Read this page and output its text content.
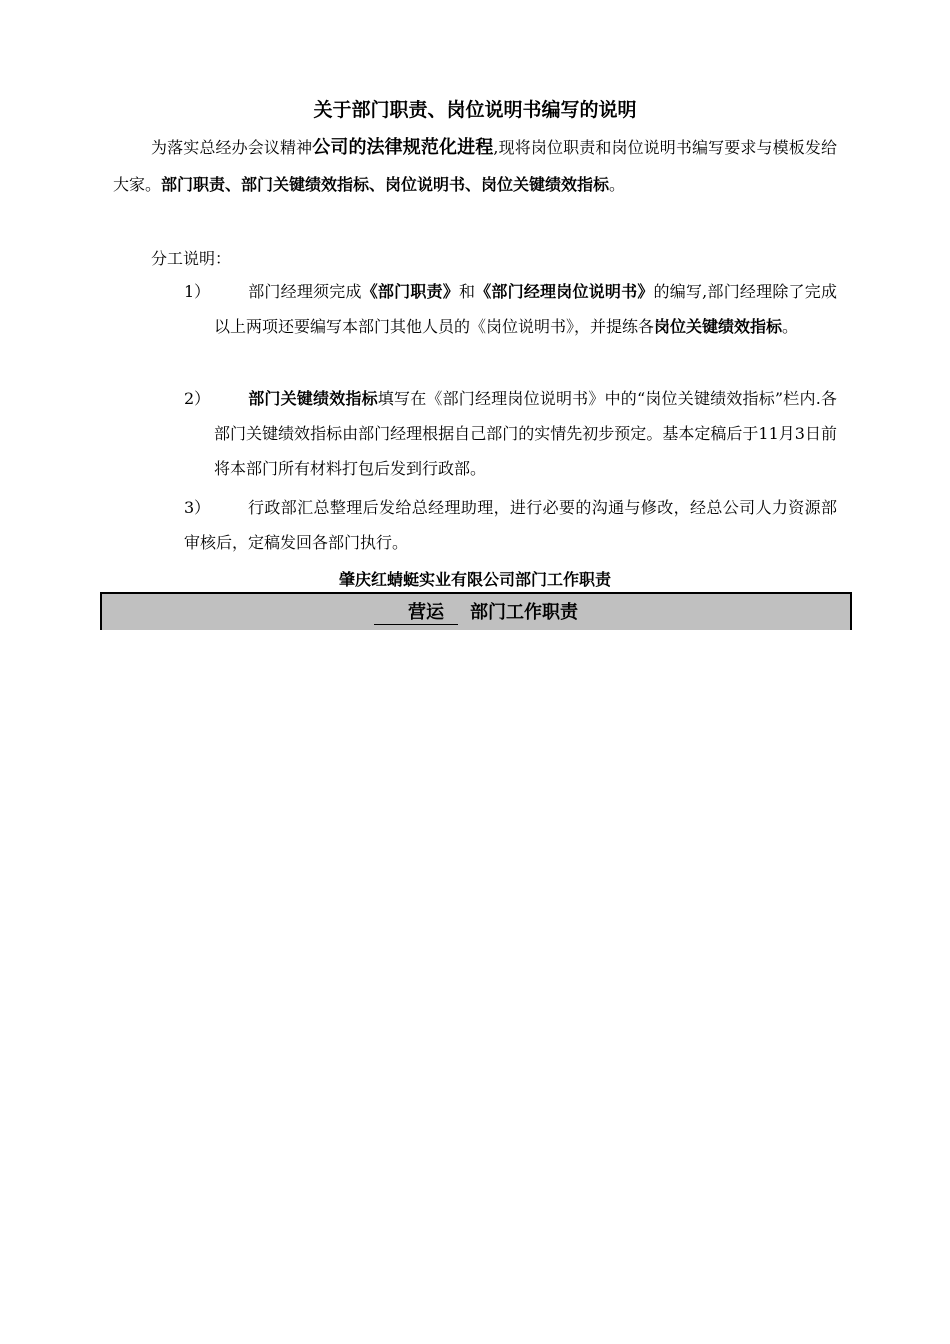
关于部门职责、岗位说明书编写的说明
为落实总经办会议精神公司的法律规范化进程,现将岗位职责和岗位说明书编写要求与模板发给大家。部门职责、部门关键绩效指标、岗位说明书、岗位关键绩效指标。
分工说明：
1）	部门经理须完成《部门职责》和《部门经理岗位说明书》的编写,部门经理除了完成以上两项还要编写本部门其他人员的《岗位说明书》，并提练各岗位关键绩效指标。
2）	部门关键绩效指标填写在《部门经理岗位说明书》中的“岗位关键绩效指标”栏内.各部门关键绩效指标由部门经理根据自己部门的实情先初步预定。基本定稿后于11月3日前将本部门所有材料打包后发到行政部。
3）	行政部汇总整理后发给总经理助理，进行必要的沟通与修改，经总公司人力资源部审核后，定稿发回各部门执行。
肇庆红蜻蜓实业有限公司部门工作职责
营运 部门工作职责
